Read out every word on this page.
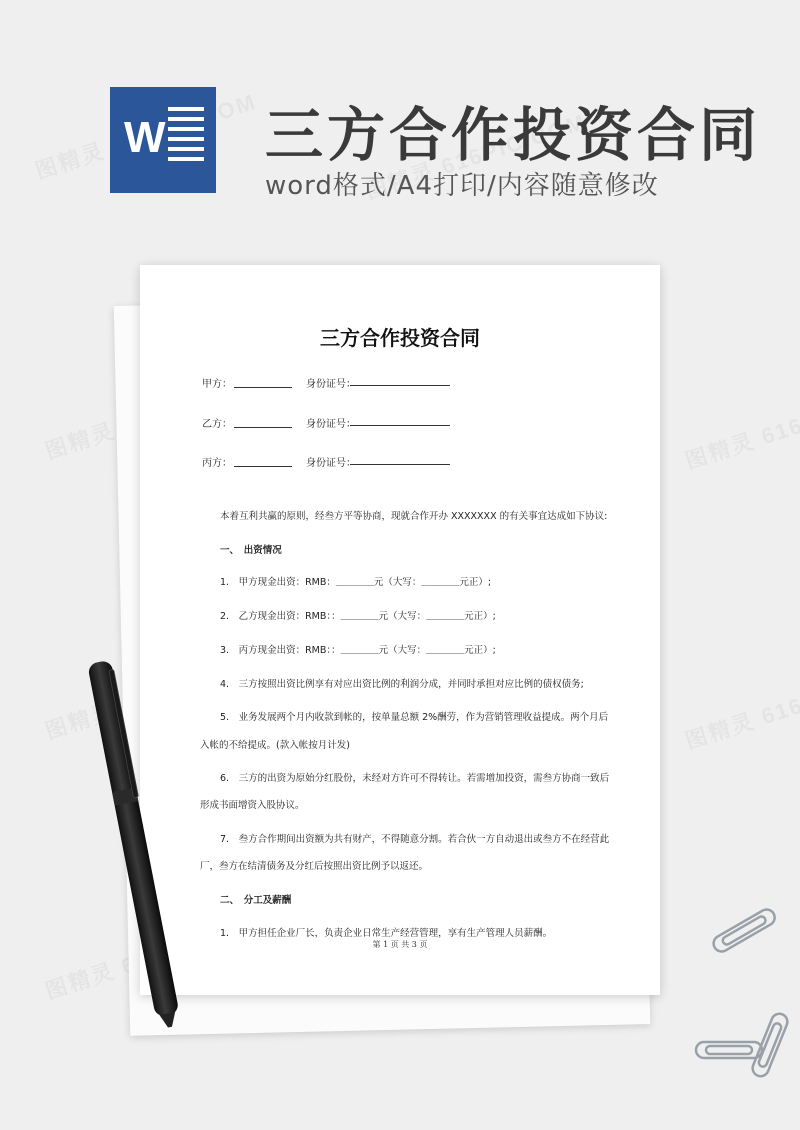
W 三方合作投资合同
word格式/A4打印/内容随意修改
三方合作投资合同
甲方：	身份证号：
乙方：	身份证号：
丙方：	身份证号：
本着互利共赢的原则，经叁方平等协商，现就合作开办 XXXXXXX 的有关事宜达成如下协议:
一、　出资情况
1.　甲方现金出资：RMB：＿＿＿＿元（大写：＿＿＿＿元正）;
2.　乙方现金出资：RMB：：＿＿＿＿元（大写：＿＿＿＿元正）;
3.　丙方现金出资：RMB：：＿＿＿＿元（大写：＿＿＿＿元正）;
4.　三方按照出资比例享有对应出资比例的利润分成，并同时承担对应比例的债权债务;
5.　业务发展两个月内收款到帐的，按单量总额 2%酬劳，作为营销管理收益提成。两个月后
入帐的不给提成。(款入帐按月计发)
6.　三方的出资为原始分红股份，未经对方许可不得转让。若需增加投资，需叁方协商一致后
形成书面增资入股协议。
7.　叁方合作期间出资额为共有财产，不得随意分割。若合伙一方自动退出或叁方不在经营此
厂，叁方在结清债务及分红后按照出资比例予以返还。
二、　分工及薪酬
1.　甲方担任企业厂长，负责企业日常生产经营管理，享有生产管理人员薪酬。
第 1 页 共 3 页
